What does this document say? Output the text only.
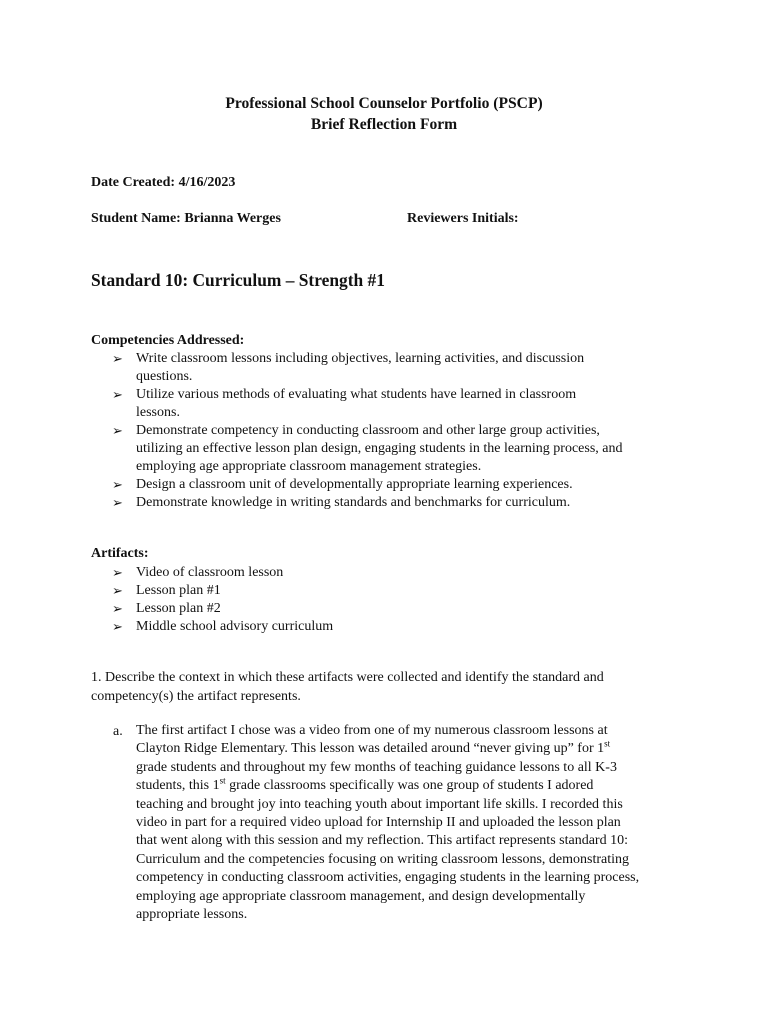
Professional School Counselor Portfolio (PSCP)
Brief Reflection Form
Date Created: 4/16/2023
Student Name: Brianna Werges	Reviewers Initials:
Standard 10: Curriculum – Strength #1
Competencies Addressed:
➢ Write classroom lessons including objectives, learning activities, and discussion
questions.
➢ Utilize various methods of evaluating what students have learned in classroom
lessons.
➢ Demonstrate competency in conducting classroom and other large group activities,
utilizing an effective lesson plan design, engaging students in the learning process, and
employing age appropriate classroom management strategies.
➢ Design a classroom unit of developmentally appropriate learning experiences.
➢ Demonstrate knowledge in writing standards and benchmarks for curriculum.
Artifacts:
➢ Video of classroom lesson
➢ Lesson plan #1
➢ Lesson plan #2
➢ Middle school advisory curriculum
1. Describe the context in which these artifacts were collected and identify the standard and
competency(s) the artifact represents.
a. The first artifact I chose was a video from one of my numerous classroom lessons at
Clayton Ridge Elementary. This lesson was detailed around “never giving up” for 1st
grade students and throughout my few months of teaching guidance lessons to all K-3
students, this 1st grade classrooms specifically was one group of students I adored
teaching and brought joy into teaching youth about important life skills. I recorded this
video in part for a required video upload for Internship II and uploaded the lesson plan
that went along with this session and my reflection. This artifact represents standard 10:
Curriculum and the competencies focusing on writing classroom lessons, demonstrating
competency in conducting classroom activities, engaging students in the learning process,
employing age appropriate classroom management, and design developmentally
appropriate lessons.
